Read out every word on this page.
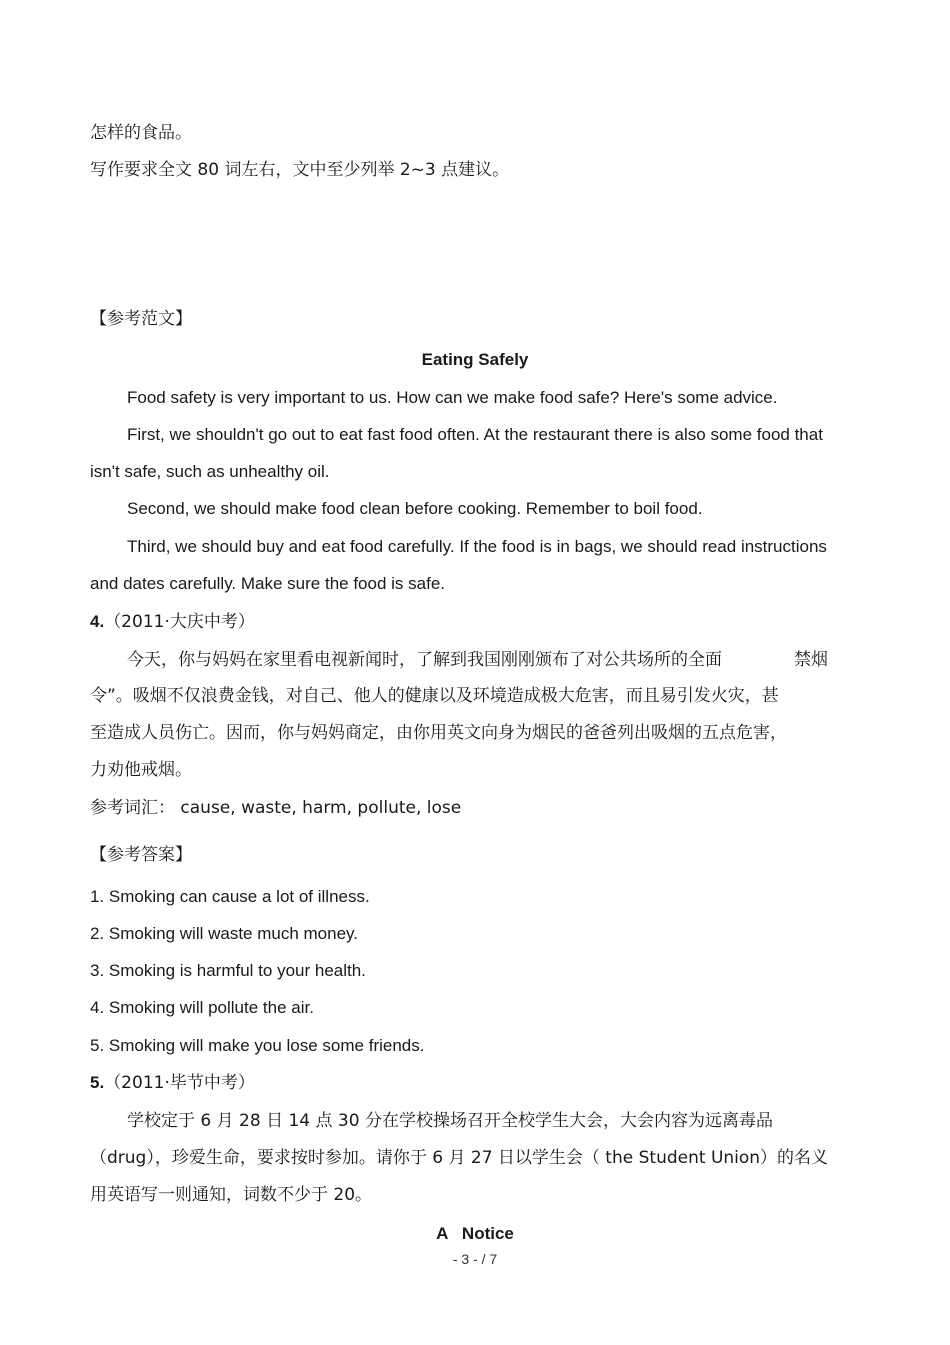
怎样的食品。
写作要求全文 80 词左右，文中至少列举 2~3 点建议。
【参考范文】
Eating Safely
Food safety is very important to us. How can we make food safe? Here's some advice.
First, we shouldn't go out to eat fast food often. At the restaurant there is also some food that
isn't safe, such as unhealthy oil.
Second, we should make food clean before cooking. Remember to boil food.
Third, we should buy and eat food carefully. If the food is in bags, we should read instructions
and dates carefully. Make sure the food is safe.
4.（2011·大庆中考）
今天，你与妈妈在家里看电视新闻时，了解到我国刚刚颁布了对公共场所的全面	禁烟
令”。吸烟不仅浪费金钱，对自己、他人的健康以及环境造成极大危害，而且易引发火灾，甚
至造成人员伤亡。因而，你与妈妈商定，由你用英文向身为烟民的爸爸列出吸烟的五点危害，
力劝他戒烟。
参考词汇： cause, waste, harm, pollute, lose
【参考答案】
1. Smoking can cause a lot of illness.
2. Smoking will waste much money.
3. Smoking is harmful to your health.
4. Smoking will pollute the air.
5. Smoking will make you lose some friends.
5.（2011·毕节中考）
学校定于 6 月 28 日 14 点 30 分在学校操场召开全校学生大会，大会内容为远离毒品
（drug），珍爱生命，要求按时参加。请你于 6 月 27 日以学生会（ the Student Union）的名义
用英语写一则通知，词数不少于 20。
A   Notice
- 3 - / 7
